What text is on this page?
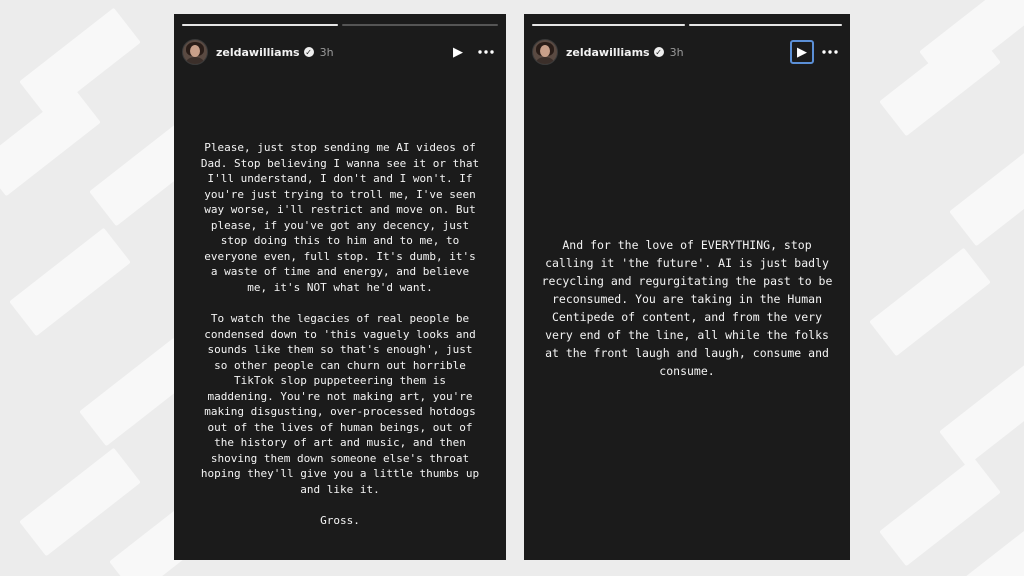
zeldawilliams ✓ 3h	▶

Please, just stop sending me AI videos of Dad. Stop believing I wanna see it or that I'll understand, I don't and I won't. If you're just trying to troll me, I've seen way worse, i'll restrict and move on. But please, if you've got any decency, just stop doing this to him and to me, to everyone even, full stop. It's dumb, it's a waste of time and energy, and believe me, it's NOT what he'd want.

To watch the legacies of real people be condensed down to 'this vaguely looks and sounds like them so that's enough', just so other people can churn out horrible TikTok slop puppeteering them is maddening. You're not making art, you're making disgusting, over-processed hotdogs out of the lives of human beings, out of the history of art and music, and then shoving them down someone else's throat hoping they'll give you a little thumbs up and like it.

Gross.

zeldawilliams ✓ 3h	▶

And for the love of EVERYTHING, stop calling it 'the future'. AI is just badly recycling and regurgitating the past to be reconsumed. You are taking in the Human Centipede of content, and from the very very end of the line, all while the folks at the front laugh and laugh, consume and consume.
